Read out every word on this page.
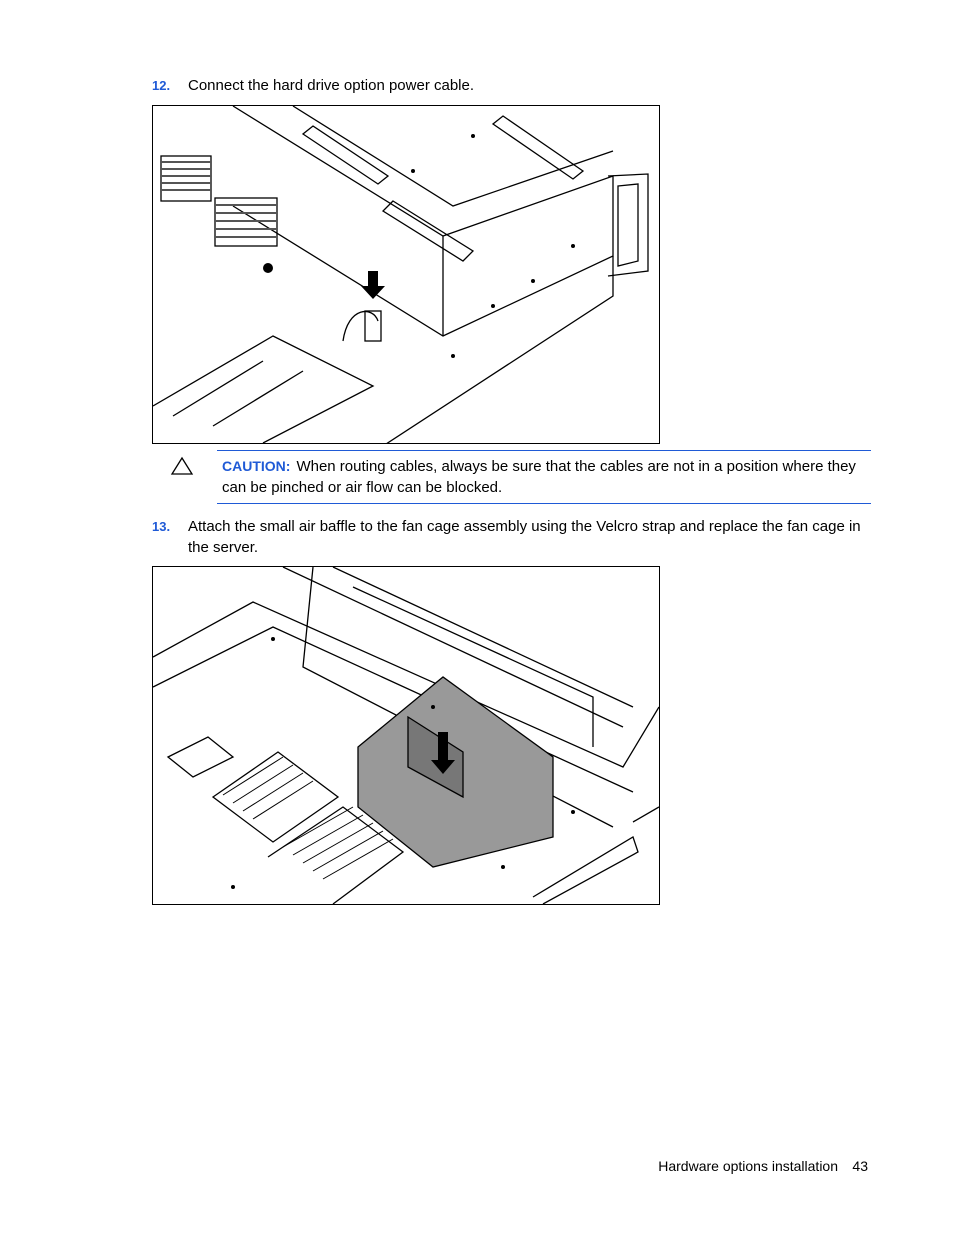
12. Connect the hard drive option power cable.
CAUTION: When routing cables, always be sure that the cables are not in a position where they can be pinched or air flow can be blocked.
13. Attach the small air baffle to the fan cage assembly using the Velcro strap and replace the fan cage in the server.
Hardware options installation 43
